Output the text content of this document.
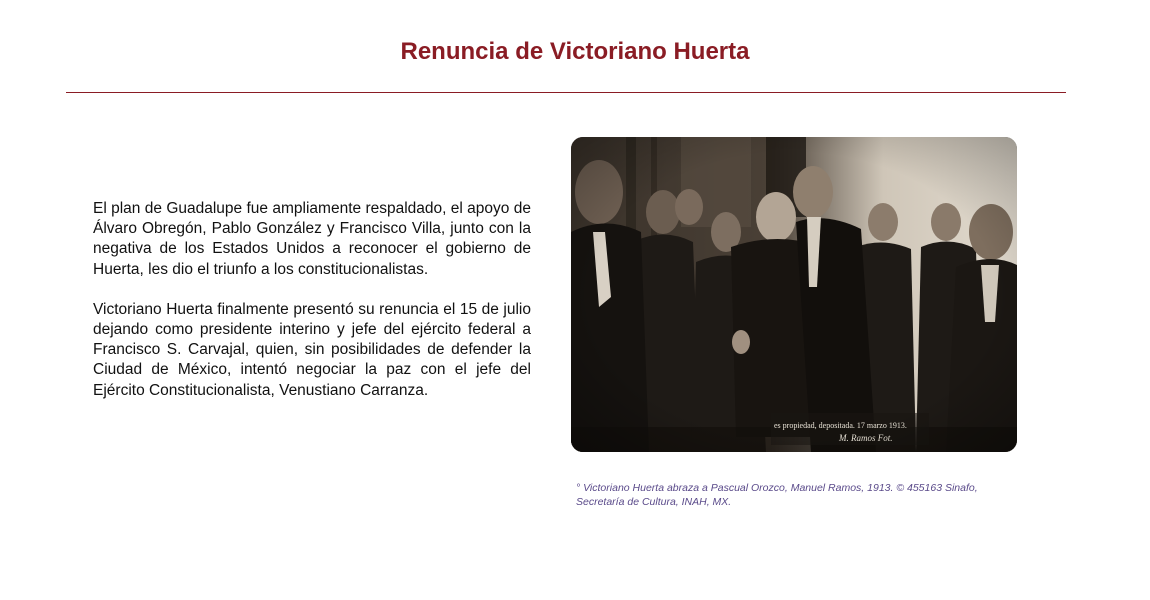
Renuncia de Victoriano Huerta

El plan de Guadalupe fue ampliamente respaldado, el apoyo de Álvaro Obregón, Pablo González y Francisco Villa, junto con la negativa de los Estados Unidos a reconocer el gobierno de Huerta, les dio el triunfo a los constitucionalistas.

Victoriano Huerta finalmente presentó su renuncia el 15 de julio dejando como presidente interino y jefe del ejército federal a Francisco S. Carvajal, quien, sin posibilidades de defender la Ciudad de México, intentó negociar la paz con el jefe del Ejército Constitucionalista, Venustiano Carranza.

° Victoriano Huerta abraza a Pascual Orozco, Manuel Ramos, 1913. © 455163 Sinafo, Secretaría de Cultura, INAH, MX.
